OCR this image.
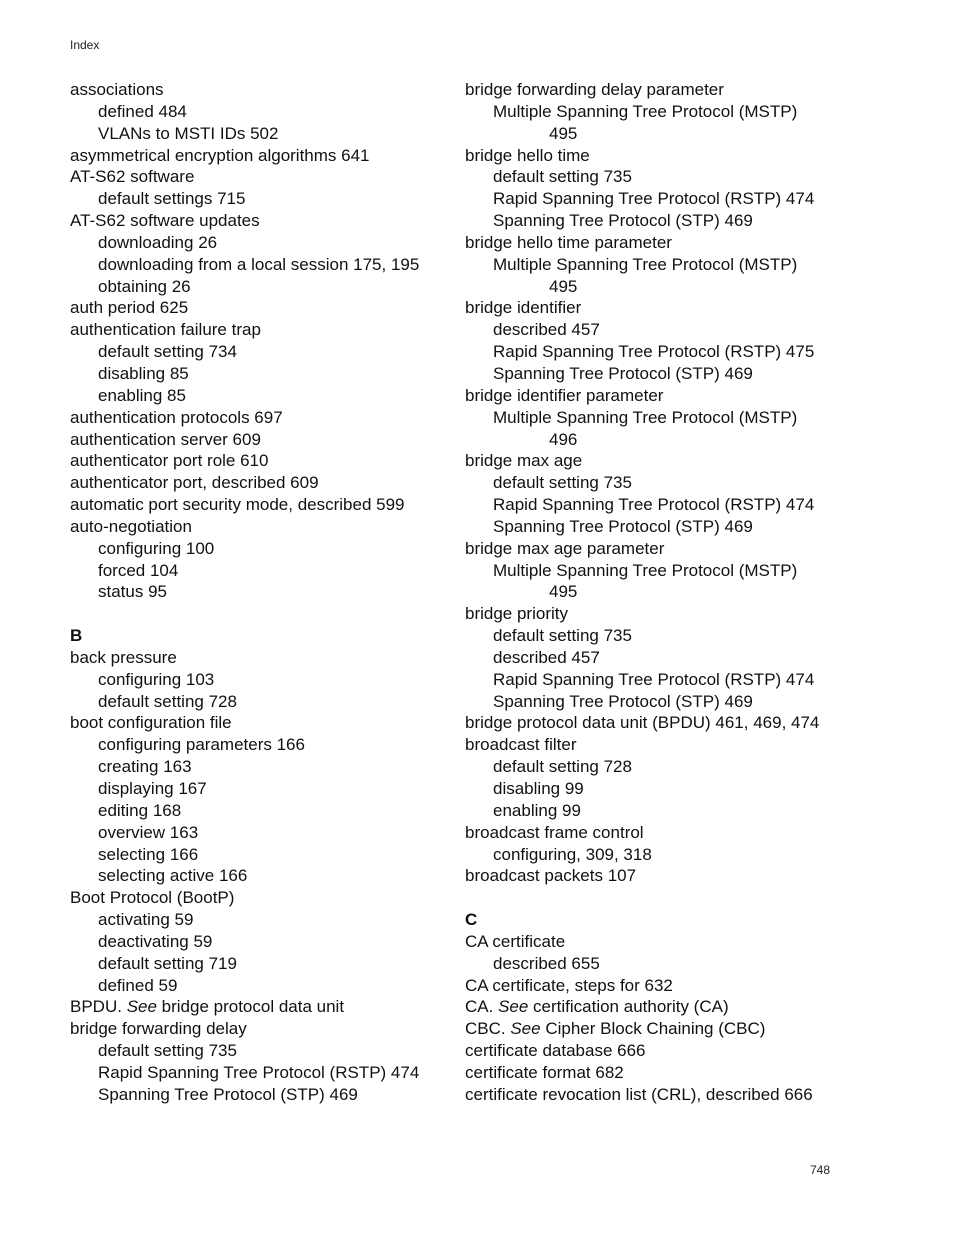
Index
associations
defined 484
VLANs to MSTI IDs 502
asymmetrical encryption algorithms 641
AT-S62 software
default settings 715
AT-S62 software updates
downloading 26
downloading from a local session 175, 195
obtaining 26
auth period 625
authentication failure trap
default setting 734
disabling 85
enabling 85
authentication protocols 697
authentication server 609
authenticator port role 610
authenticator port, described 609
automatic port security mode, described 599
auto-negotiation
configuring 100
forced 104
status 95
B
back pressure
configuring 103
default setting 728
boot configuration file
configuring parameters 166
creating 163
displaying 167
editing 168
overview 163
selecting 166
selecting active 166
Boot Protocol (BootP)
activating 59
deactivating 59
default setting 719
defined 59
BPDU. See bridge protocol data unit
bridge forwarding delay
default setting 735
Rapid Spanning Tree Protocol (RSTP) 474
Spanning Tree Protocol (STP) 469
bridge forwarding delay parameter
Multiple Spanning Tree Protocol (MSTP)
495
bridge hello time
default setting 735
Rapid Spanning Tree Protocol (RSTP) 474
Spanning Tree Protocol (STP) 469
bridge hello time parameter
Multiple Spanning Tree Protocol (MSTP)
495
bridge identifier
described 457
Rapid Spanning Tree Protocol (RSTP) 475
Spanning Tree Protocol (STP) 469
bridge identifier parameter
Multiple Spanning Tree Protocol (MSTP)
496
bridge max age
default setting 735
Rapid Spanning Tree Protocol (RSTP) 474
Spanning Tree Protocol (STP) 469
bridge max age parameter
Multiple Spanning Tree Protocol (MSTP)
495
bridge priority
default setting 735
described 457
Rapid Spanning Tree Protocol (RSTP) 474
Spanning Tree Protocol (STP) 469
bridge protocol data unit (BPDU) 461, 469, 474
broadcast filter
default setting 728
disabling 99
enabling 99
broadcast frame control
configuring, 309, 318
broadcast packets 107
C
CA certificate
described 655
CA certificate, steps for 632
CA. See certification authority (CA)
CBC. See Cipher Block Chaining (CBC)
certificate database 666
certificate format 682
certificate revocation list (CRL), described 666
748
